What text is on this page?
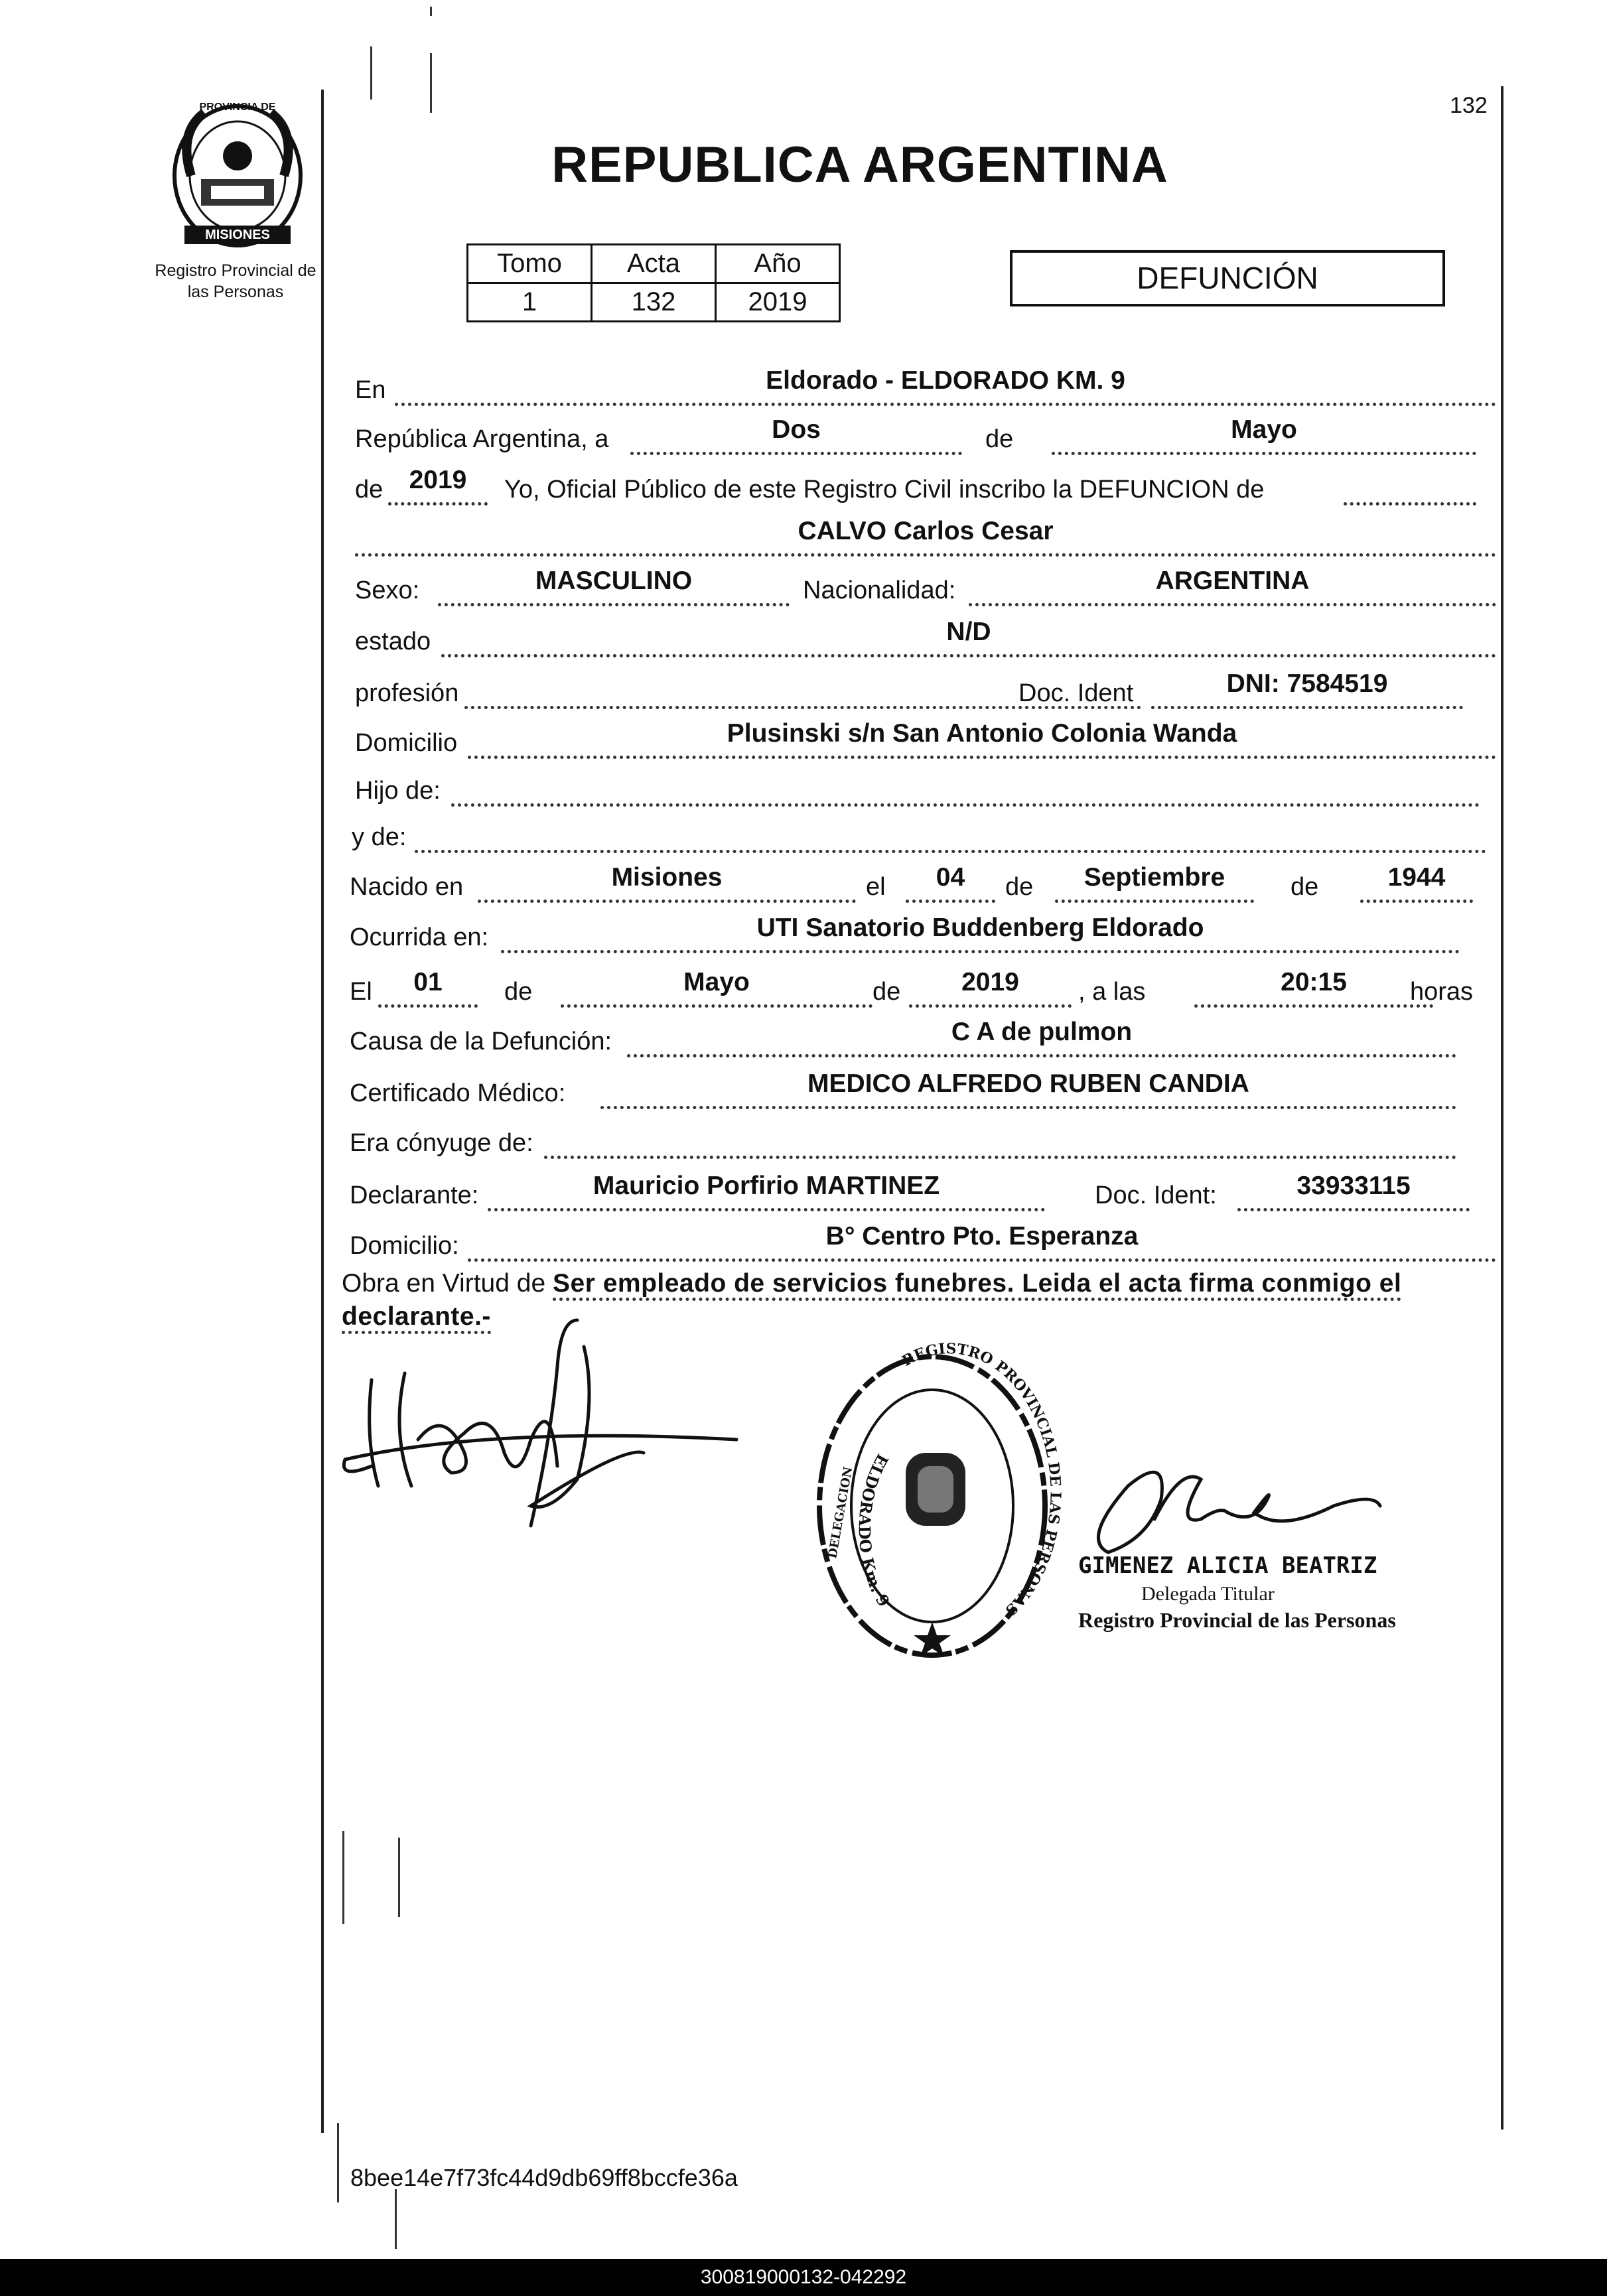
132
MISIONES
PROVINCIA DE
Registro Provincial de
las Personas
REPUBLICA ARGENTINA
Tomo	Acta	Año
1	132	2019
DEFUNCIÓN
En	Eldorado - ELDORADO KM. 9
República Argentina, a	Dos	de	Mayo
de	2019	Yo, Oficial Público de este Registro Civil inscribo la DEFUNCION de
CALVO Carlos Cesar
Sexo:	MASCULINO	Nacionalidad:	ARGENTINA
estado	N/D
profesión	Doc. Ident	DNI: 7584519
Domicilio	Plusinski s/n San Antonio Colonia Wanda
Hijo de:
y de:
Nacido en	Misiones	el	04	de	Septiembre	de	1944
Ocurrida en:	UTI Sanatorio Buddenberg Eldorado
El	01	de	Mayo	de	2019	, a las	20:15	horas
Causa de la Defunción:	C A de pulmon
Certificado Médico:	MEDICO ALFREDO RUBEN CANDIA
Era cónyuge de:
Declarante:	Mauricio Porfirio MARTINEZ	Doc. Ident:	33933115
Domicilio:	B° Centro Pto. Esperanza
Obra en Virtud de Ser empleado de servicios funebres. Leida el acta firma conmigo el
declarante.-
REGISTRO PROVINCIAL DE LAS PERSONAS
ELDORADO Km. 9
DELEGACION
GIMENEZ ALICIA BEATRIZ
Delegada Titular
Registro Provincial de las Personas
8bee14e7f73fc44d9db69ff8bccfe36a
300819000132-042292
